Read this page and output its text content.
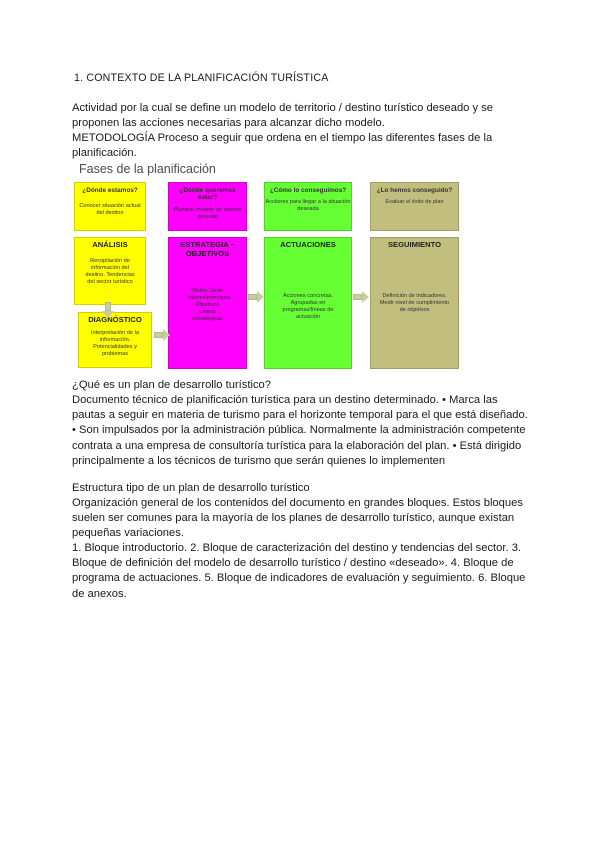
1. CONTEXTO DE LA PLANIFICACIÓN TURÍSTICA
Actividad por la cual se define un modelo de territorio / destino turístico deseado y se proponen las acciones necesarias para alcanzar dicho modelo.
METODOLOGÍA Proceso a seguir que ordena en el tiempo las diferentes fases de la planificación.
Fases de la planificación
¿Dónde estamos?
Conocer situación actual del destino
¿Dónde queremos estar?
Plantear modelo de destino deseado
¿Cómo lo conseguimos?
Acciones para llegar a la situación deseada
¿Lo hemos conseguido?
Evaluar el éxito de plan
ANÁLISIS
Recopilación de información del destino. Tendencias del sector turístico
DIAGNÓSTICO
Interpretación de la información. Potencialidades y problemas
ESTRATEGIA – OBJETIVOS
Misión Visión Valores/principios Objetivos Líneas estratégicas
ACTUACIONES
Acciones concretas. Agrupadas en programas/líneas de actuación
SEGUIMIENTO
Definición de indicadores. Medir nivel de cumplimiento de objetivos
¿Qué es un plan de desarrollo turístico?
Documento técnico de planificación turística para un destino determinado. • Marca las pautas a seguir en materia de turismo para el horizonte temporal para el que está diseñado. • Son impulsados por la administración pública. Normalmente la administración competente contrata a una empresa de consultoría turística para la elaboración del plan. • Está dirigido principalmente a los técnicos de turismo que serán quienes lo implementen
Estructura tipo de un plan de desarrollo turístico
Organización general de los contenidos del documento en grandes bloques. Estos bloques suelen ser comunes para la mayoría de los planes de desarrollo turístico, aunque existan pequeñas variaciones.
1. Bloque introductorio. 2. Bloque de caracterización del destino y tendencias del sector. 3. Bloque de definición del modelo de desarrollo turístico / destino «deseado». 4. Bloque de programa de actuaciones. 5. Bloque de indicadores de evaluación y seguimiento. 6. Bloque de anexos.
